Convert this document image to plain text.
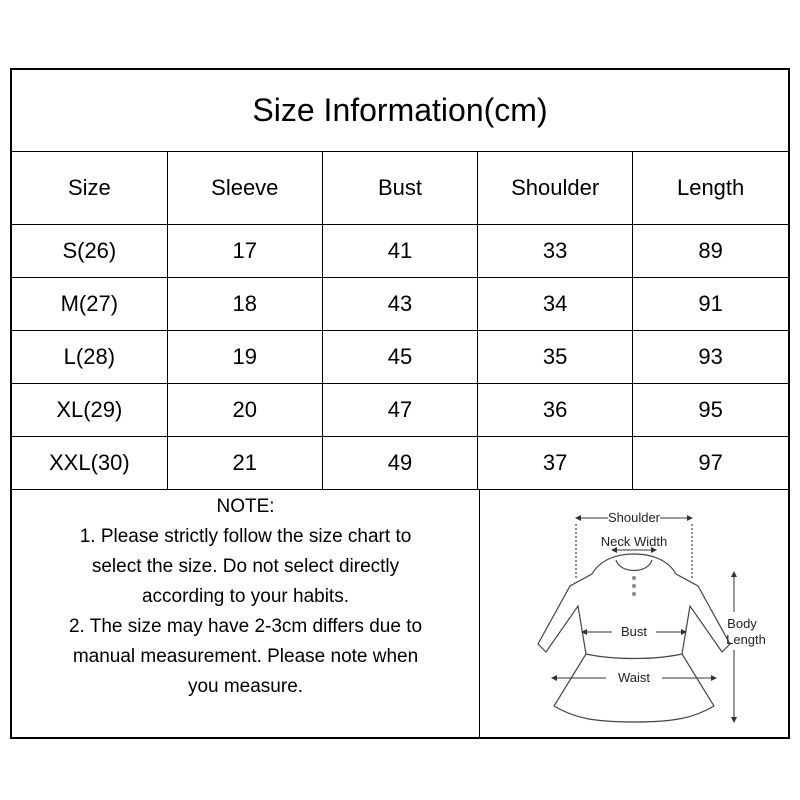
Size Information(cm)
Size	Sleeve	Bust	Shoulder	Length
S(26)	17	41	33	89
M(27)	18	43	34	91
L(28)	19	45	35	93
XL(29)	20	47	36	95
XXL(30)	21	49	37	97

NOTE:

1. Please strictly follow the size chart to

select the size. Do not select directly

according to your habits.

2. The size may have 2-3cm differs due to

manual measurement. Please note when

you measure.

Shoulder
Neck Width
Bust
Waist
Body
Length
